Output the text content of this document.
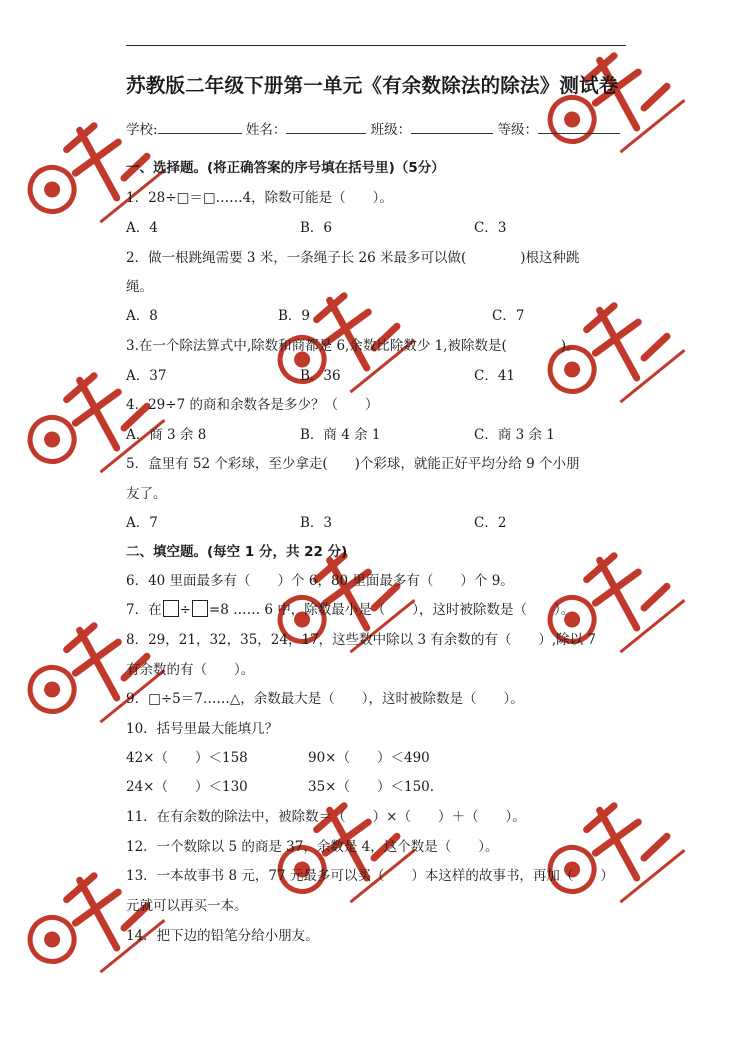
苏教版二年级下册第一单元《有余数除法的除法》测试卷
学校:	姓名：	班级：	等级：
一、选择题。(将正确答案的序号填在括号里)（5分）
1．28÷□＝□……4，除数可能是（　　）。
A．4	B．6	C．3
2．做一根跳绳需要 3 米，一条绳子长 26 米最多可以做(　　　　)根这种跳
绳。
A．8	B．9	C．7
3.在一个除法算式中,除数和商都是 6,余数比除数少 1,被除数是(　　　　)。
A．37	B．36	C．41
4．29÷7 的商和余数各是多少？（　　）
A．商 3 余 8	B．商 4 余 1	C．商 3 余 1
5．盒里有 52 个彩球，至少拿走(　　)个彩球，就能正好平均分给 9 个小朋
友了。
A．7	B．3	C．2
二、填空题。(每空 1 分，共 22 分)
6．40 里面最多有（　　）个 6，80 里面最多有（　　）个 9。
7．在 ÷ =8 …… 6 中，除数最小是（　　），这时被除数是（　　）。
8．29，21，32，35，24，17，这些数中除以 3 有余数的有（　　）,除以 7
有余数的有（　　）。
9．□÷5＝7……△，余数最大是（　　），这时被除数是（　　）。
10．括号里最大能填几？
42×（　　）＜158	90×（　　）＜490
24×（　　）＜130	35×（　　）＜150.
11．在有余数的除法中，被除数＝（　　）×（　　）＋（　　）。
12．一个数除以 5 的商是 37，余数是 4，这个数是（　　）。
13．一本故事书 8 元，77 元最多可以买（　　）本这样的故事书，再加（　　）
元就可以再买一本。
14．把下边的铅笔分给小朋友。
